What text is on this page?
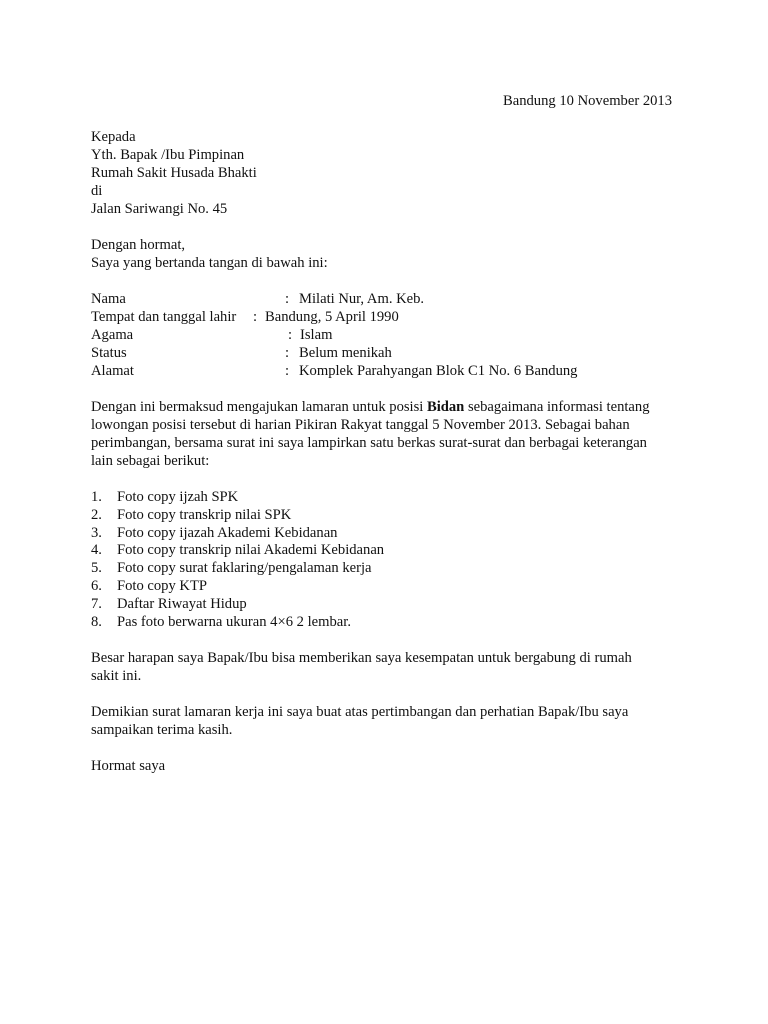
Bandung 10 November 2013
Kepada
Yth. Bapak /Ibu Pimpinan
Rumah Sakit Husada Bhakti
di
Jalan Sariwangi No. 45
Dengan hormat,
Saya yang bertanda tangan di bawah ini:
Nama	: Milati Nur, Am. Keb.
Tempat dan tanggal lahir : Bandung, 5 April 1990
Agama	: Islam
Status	: Belum menikah
Alamat	: Komplek Parahyangan Blok C1 No. 6 Bandung
Dengan ini bermaksud mengajukan lamaran untuk posisi Bidan sebagaimana informasi tentang
lowongan posisi tersebut di harian Pikiran Rakyat tanggal 5 November 2013. Sebagai bahan
perimbangan, bersama surat ini saya lampirkan satu berkas surat-surat dan berbagai keterangan
lain sebagai berikut:
1. Foto copy ijzah SPK
2. Foto copy transkrip nilai SPK
3. Foto copy ijazah Akademi Kebidanan
4. Foto copy transkrip nilai Akademi Kebidanan
5. Foto copy surat faklaring/pengalaman kerja
6. Foto copy KTP
7. Daftar Riwayat Hidup
8. Pas foto berwarna ukuran 4×6 2 lembar.
Besar harapan saya Bapak/Ibu bisa memberikan saya kesempatan untuk bergabung di rumah
sakit ini.
Demikian surat lamaran kerja ini saya buat atas pertimbangan dan perhatian Bapak/Ibu saya
sampaikan terima kasih.
Hormat saya
